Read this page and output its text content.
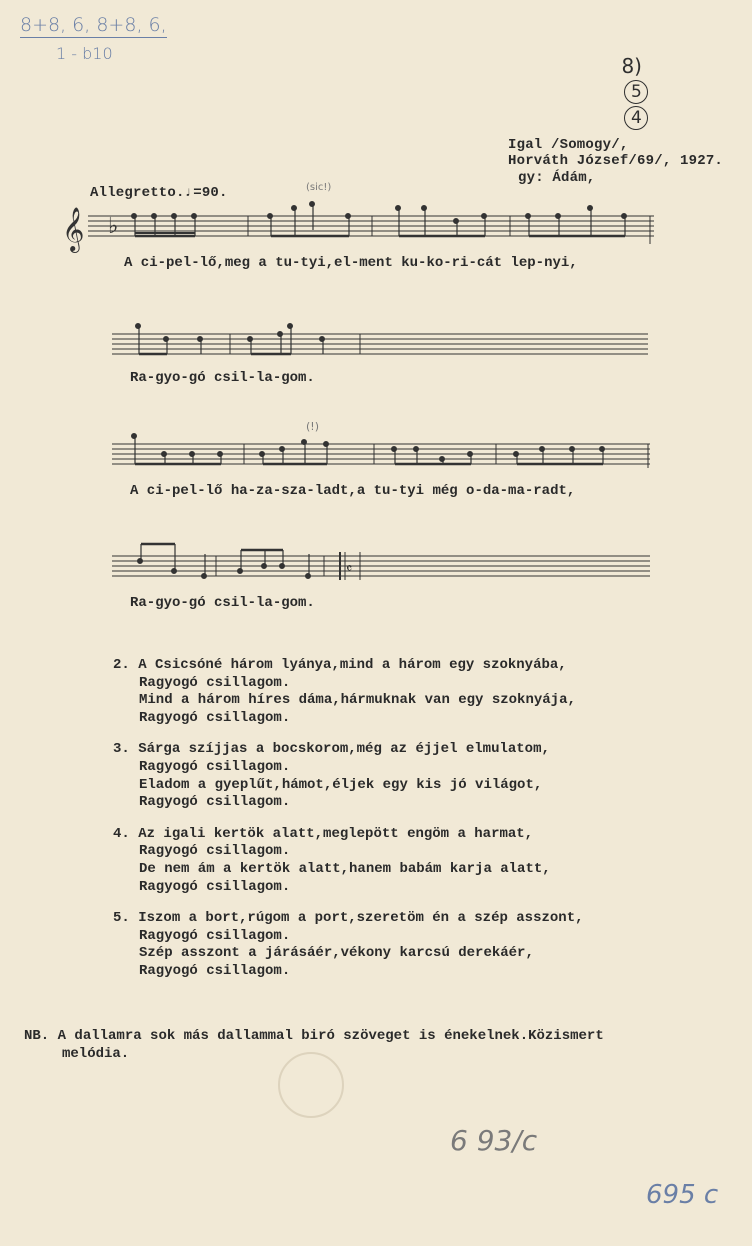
8+8, 6, 8+8, 6,
1 - b10

8)
5
4

Igal /Somogy/,
Horváth József/69/, 1927.
gy: Ádám,
Allegretto.♩=90.	(sic!)
𝄞 ♭
A ci-pel-lő,meg a tu-tyi,el-ment ku-ko-ri-cát lep-nyi,
Ra-gyo-gó csil-la-gom.
(!)
A ci-pel-lő ha-za-sza-ladt,a tu-tyi még o-da-ma-radt,
𝄴
Ra-gyo-gó csil-la-gom.
2. A Csicsóné három lyánya,mind a három egy szoknyába,
Ragyogó csillagom.
Mind a három híres dáma,hármuknak van egy szoknyája,
Ragyogó csillagom.
3. Sárga szíjjas a bocskorom,még az éjjel elmulatom,
Ragyogó csillagom.
Eladom a gyeplűt,hámot,éljek egy kis jó világot,
Ragyogó csillagom.
4. Az igali kertök alatt,meglepött engöm a harmat,
Ragyogó csillagom.
De nem ám a kertök alatt,hanem babám karja alatt,
Ragyogó csillagom.
5. Iszom a bort,rúgom a port,szeretöm én a szép asszont,
Ragyogó csillagom.
Szép asszont a járásáér,vékony karcsú derekáér,
Ragyogó csillagom.
NB. A dallamra sok más dallammal biró szöveget is énekelnek.Közismert
melódia.
6 93/c
695 c
